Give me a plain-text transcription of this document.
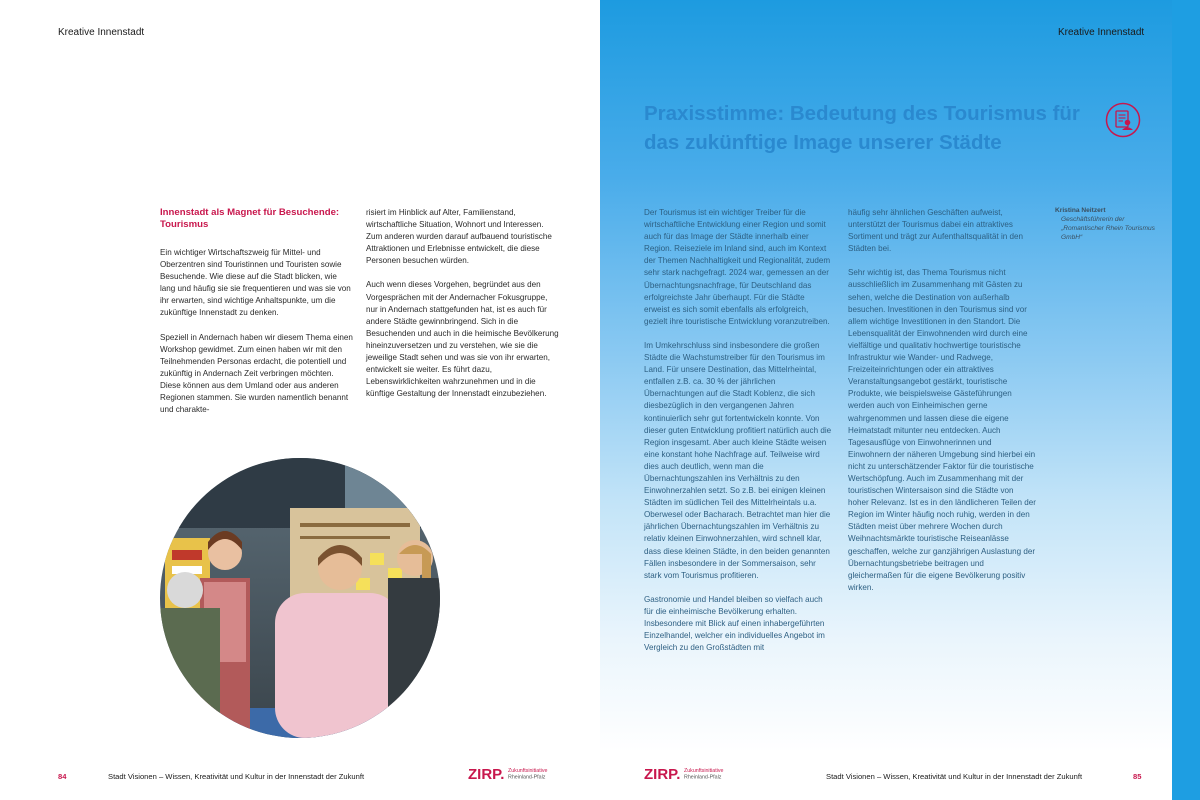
Kreative Innenstadt
Innenstadt als Magnet für Besuchende: Tourismus

Ein wichtiger Wirtschaftszweig für Mittel- und Oberzentren sind Touristinnen und Touristen sowie Besuchende. Wie diese auf die Stadt blicken, wie lang und häufig sie sie frequentieren und was sie von ihr erwarten, sind wichtige Anhaltspunkte, um die zukünftige Innenstadt zu denken.

Speziell in Andernach haben wir diesem Thema einen Workshop gewidmet. Zum einen haben wir mit den Teilnehmenden Personas erdacht, die potentiell und zukünftig in Andernach Zeit verbringen möchten. Diese können aus dem Umland oder aus anderen Regionen stammen. Sie wurden namentlich benannt und charakte-

risiert im Hinblick auf Alter, Familienstand, wirtschaftliche Situation, Wohnort und Interessen. Zum anderen wurden darauf aufbauend touristische Attraktionen und Erlebnisse entwickelt, die diese Personen besuchen würden.

Auch wenn dieses Vorgehen, begründet aus den Vorgesprächen mit der Andernacher Fokusgruppe, nur in Andernach stattgefunden hat, ist es auch für andere Städte gewinnbringend. Sich in die Besuchenden und auch in die heimische Bevölkerung hineinzuversetzen und zu verstehen, wie sie die jeweilige Stadt sehen und was sie von ihr erwarten, entwickelt sie weiter. Es führt dazu, Lebenswirklichkeiten wahrzunehmen und in die künftige Gestaltung der Innenstadt einzubeziehen.

84	Stadt Visionen – Wissen, Kreativität und Kultur in der Innenstadt der Zukunft	ZIRP. Zukunftsinitiative
Rheinland-Pfalz
Kreative Innenstadt
Praxisstimme: Bedeutung des Tourismus für das zukünftige Image unserer Städte

Der Tourismus ist ein wichtiger Treiber für die wirtschaftliche Entwicklung einer Region und somit auch für das Image der Städte innerhalb einer Region. Reiseziele im Inland sind, auch im Kontext der Themen Nachhaltigkeit und Regionalität, zudem sehr stark nachgefragt. 2024 war, gemessen an der Übernachtungsnachfrage, für Deutschland das erfolgreichste Jahr überhaupt. Für die Städte erweist es sich somit ebenfalls als erfolgreich, gezielt ihre touristische Entwicklung voranzutreiben.

Im Umkehrschluss sind insbesondere die großen Städte die Wachstumstreiber für den Tourismus im Land. Für unsere Destination, das Mittelrheintal, entfallen z.B. ca. 30 % der jährlichen Übernachtungen auf die Stadt Koblenz, die sich diesbezüglich in den vergangenen Jahren kontinuierlich sehr gut fortentwickeln konnte. Von dieser guten Entwicklung profitiert natürlich auch die Region insgesamt. Aber auch kleine Städte weisen eine konstant hohe Nachfrage auf. Teilweise wird dies auch deutlich, wenn man die Übernachtungszahlen ins Verhältnis zu den Einwohnerzahlen setzt. So z.B. bei einigen kleinen Städten im südlichen Teil des Mittelrheintals u.a. Oberwesel oder Bacharach. Betrachtet man hier die jährlichen Übernachtungszahlen im Verhältnis zu relativ kleinen Einwohnerzahlen, wird schnell klar, dass diese kleinen Städte, in den beiden genannten Fällen insbesondere in der Sommersaison, sehr stark vom Tourismus profitieren.

Gastronomie und Handel bleiben so vielfach auch für die einheimische Bevölkerung erhalten. Insbesondere mit Blick auf einen inhabergeführten Einzelhandel, welcher ein individuelles Angebot im Vergleich zu den Großstädten mit

häufig sehr ähnlichen Geschäften aufweist, unterstützt der Tourismus dabei ein attraktives Sortiment und trägt zur Aufenthaltsqualität in den Städten bei.

Sehr wichtig ist, das Thema Tourismus nicht ausschließlich im Zusammenhang mit Gästen zu sehen, welche die Destination von außerhalb besuchen. Investitionen in den Tourismus sind vor allem wichtige Investitionen in den Standort. Die Lebensqualität der Einwohnenden wird durch eine vielfältige und qualitativ hochwertige touristische Infrastruktur wie Wander- und Radwege, Freizeiteinrichtungen oder ein attraktives Veranstaltungsangebot gestärkt, touristische Produkte, wie beispielsweise Gästeführungen werden auch von Einheimischen gerne wahrgenommen und lassen diese die eigene Heimatstadt mitunter neu entdecken. Auch Tagesausflüge von Einwohnerinnen und Einwohnern der näheren Umgebung sind hierbei ein nicht zu unterschätzender Faktor für die touristische Wertschöpfung. Auch im Zusammenhang mit der touristischen Wintersaison sind die Städte von hoher Relevanz. Ist es in den ländlicheren Teilen der Region im Winter häufig noch ruhig, werden in den Städten meist über mehrere Wochen durch Weihnachtsmärkte touristische Reiseanlässe geschaffen, welche zur ganzjährigen Auslastung der Übernachtungsbetriebe beitragen und gleichermaßen für die eigene Bevölkerung positiv wirken.

Kristina Neitzert
Geschäftsführerin der „Romantischer Rhein Tourismus GmbH“
ZIRP. Zukunftsinitiative
Rheinland-Pfalz	Stadt Visionen – Wissen, Kreativität und Kultur in der Innenstadt der Zukunft	85
